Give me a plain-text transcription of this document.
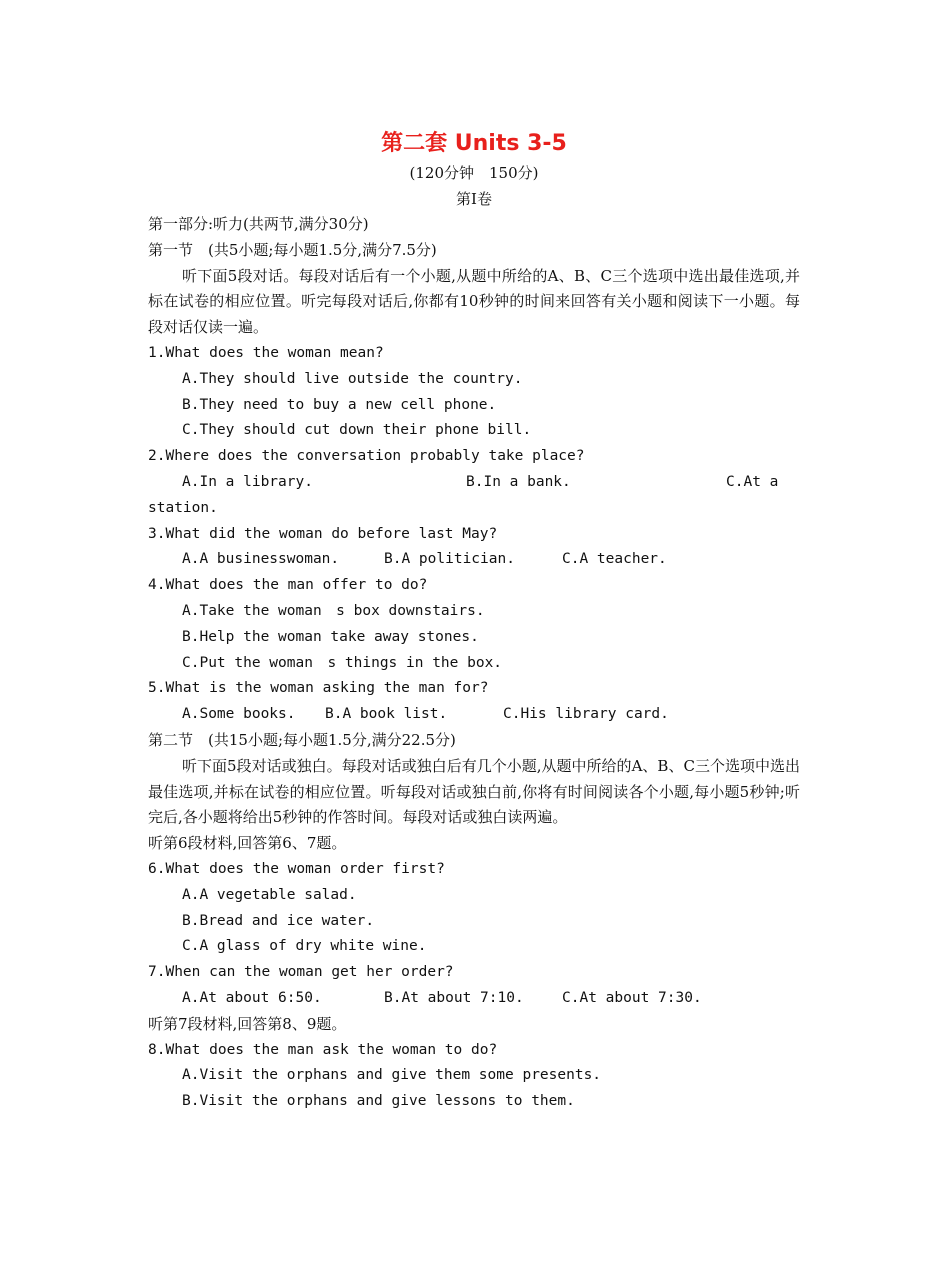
第二套 Units 3-5

(120分钟　150分)

第Ⅰ卷

第一部分:听力(共两节,满分30分)

第一节　(共5小题;每小题1.5分,满分7.5分)

听下面5段对话。每段对话后有一个小题,从题中所给的A、B、C三个选项中选出最佳选项,并标在试卷的相应位置。听完每段对话后,你都有10秒钟的时间来回答有关小题和阅读下一小题。每段对话仅读一遍。

1.What does the woman mean?

A.They should live outside the country.

B.They need to buy a new cell phone.

C.They should cut down their phone bill.

2.Where does the conversation probably take place?

A.In a library.	B.In a bank.	C.At a

station.

3.What did the woman do before last May?

A.A businesswoman.	B.A politician.	C.A teacher.

4.What does the man offer to do?

A.Take the woman　s box downstairs.

B.Help the woman take away stones.

C.Put the woman　s things in the box.

5.What is the woman asking the man for?

A.Some books.	B.A book list.	C.His library card.

第二节　(共15小题;每小题1.5分,满分22.5分)

听下面5段对话或独白。每段对话或独白后有几个小题,从题中所给的A、B、C三个选项中选出最佳选项,并标在试卷的相应位置。听每段对话或独白前,你将有时间阅读各个小题,每小题5秒钟;听完后,各小题将给出5秒钟的作答时间。每段对话或独白读两遍。

听第6段材料,回答第6、7题。

6.What does the woman order first?

A.A vegetable salad.

B.Bread and ice water.

C.A glass of dry white wine.

7.When can the woman get her order?

A.At about 6:50.	B.At about 7:10.	C.At about 7:30.

听第7段材料,回答第8、9题。

8.What does the man ask the woman to do?

A.Visit the orphans and give them some presents.

B.Visit the orphans and give lessons to them.
